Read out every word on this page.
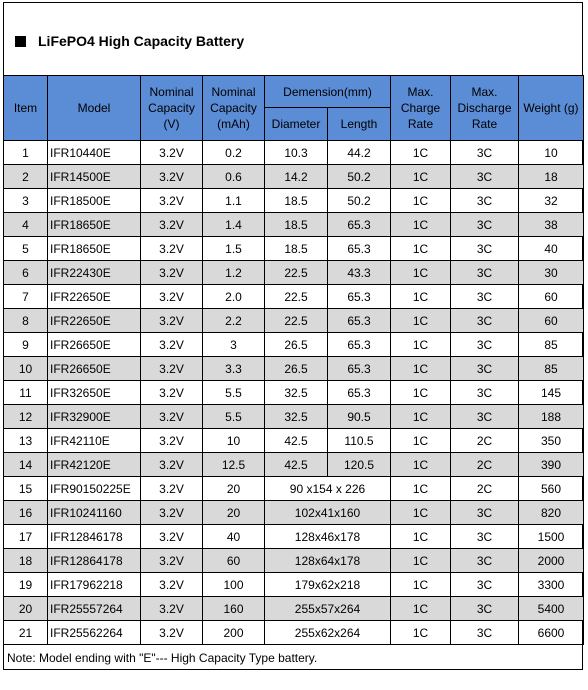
LiFePO4 High Capacity Battery
Item	Model	Nominal Capacity (V)	Nominal Capacity (mAh)	Demension(mm)		Max. Charge Rate	Max. Discharge Rate	Weight (g)
				Diameter	Length			
1	IFR10440E	3.2V	0.2	10.3	44.2	1C	3C	10
2	IFR14500E	3.2V	0.6	14.2	50.2	1C	3C	18
3	IFR18500E	3.2V	1.1	18.5	50.2	1C	3C	32
4	IFR18650E	3.2V	1.4	18.5	65.3	1C	3C	38
5	IFR18650E	3.2V	1.5	18.5	65.3	1C	3C	40
6	IFR22430E	3.2V	1.2	22.5	43.3	1C	3C	30
7	IFR22650E	3.2V	2.0	22.5	65.3	1C	3C	60
8	IFR22650E	3.2V	2.2	22.5	65.3	1C	3C	60
9	IFR26650E	3.2V	3	26.5	65.3	1C	3C	85
10	IFR26650E	3.2V	3.3	26.5	65.3	1C	3C	85
11	IFR32650E	3.2V	5.5	32.5	65.3	1C	3C	145
12	IFR32900E	3.2V	5.5	32.5	90.5	1C	3C	188
13	IFR42110E	3.2V	10	42.5	110.5	1C	2C	350
14	IFR42120E	3.2V	12.5	42.5	120.5	1C	2C	390
15	IFR90150225E	3.2V	20	90 x154 x 226		1C	2C	560
16	IFR10241160	3.2V	20	102x41x160		1C	3C	820
17	IFR12846178	3.2V	40	128x46x178		1C	3C	1500
18	IFR12864178	3.2V	60	128x64x178		1C	3C	2000
19	IFR17962218	3.2V	100	179x62x218		1C	3C	3300
20	IFR25557264	3.2V	160	255x57x264		1C	3C	5400
21	IFR25562264	3.2V	200	255x62x264		1C	3C	6600
Note: Model ending with "E"--- High Capacity Type battery.
